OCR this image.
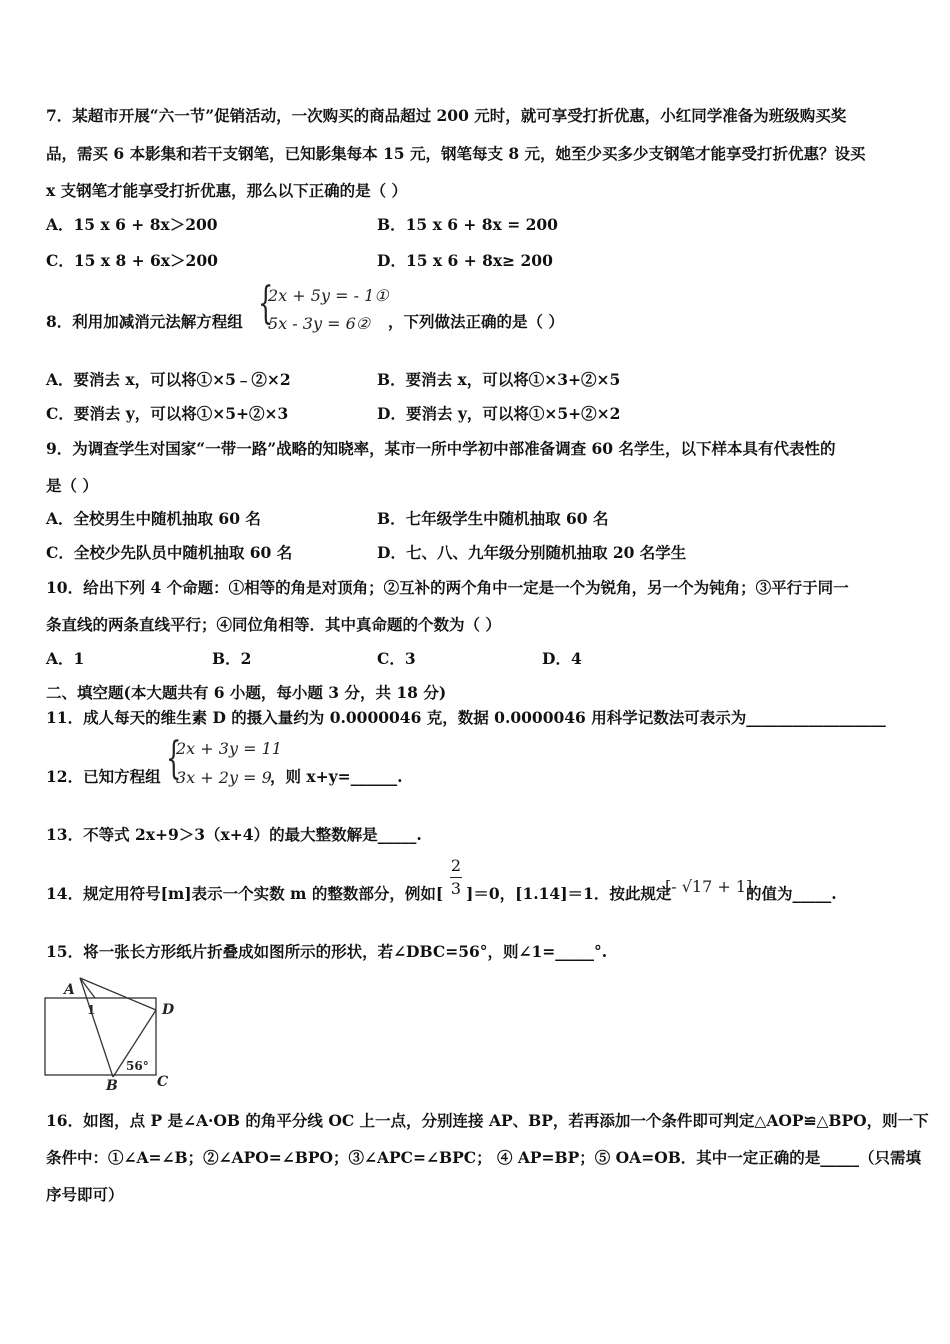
7．某超市开展“六一节”促销活动，一次购买的商品超过 200 元时，就可享受打折优惠，小红同学准备为班级购买奖
品，需买 6 本影集和若干支钢笔，已知影集每本 15 元，钢笔每支 8 元，她至少买多少支钢笔才能享受打折优惠？设买
x 支钢笔才能享受打折优惠，那么以下正确的是（ ）
A．15 x 6 + 8x＞200	B．15 x 6 + 8x = 200
C．15 x 8 + 6x＞200	D．15 x 6 + 8x≥ 200
8．利用加减消元法解方程组 {
2x + 5y = - 1①
5x - 3y = 6② ，下列做法正确的是（ ）
A．要消去 x，可以将①×5﹣②×2	B．要消去 x，可以将①×3+②×5
C．要消去 y，可以将①×5+②×3	D．要消去 y，可以将①×5+②×2
9．为调查学生对国家“一带一路”战略的知晓率，某市一所中学初中部准备调查 60 名学生，以下样本具有代表性的
是（ ）
A．全校男生中随机抽取 60 名	B．七年级学生中随机抽取 60 名
C．全校少先队员中随机抽取 60 名	D．七、八、九年级分别随机抽取 20 名学生
10．给出下列 4 个命题：①相等的角是对顶角；②互补的两个角中一定是一个为锐角，另一个为钝角；③平行于同一
条直线的两条直线平行；④同位角相等．其中真命题的个数为（ ）
A．1	B．2	C．3	D．4
二、填空题(本大题共有 6 小题，每小题 3 分，共 18 分)
11．成人每天的维生素 D 的摄入量约为 0.0000046 克，数据 0.0000046 用科学记数法可表示为__________________
12．已知方程组 {
2x + 3y = 11
3x + 2y = 9
，则 x+y=______.
13．不等式 2x+9＞3（x+4）的最大整数解是_____.
14．规定用符号[m]表示一个实数 m 的整数部分，例如[
2
3 ]＝0，[1.14]＝1．按此规定
[- √17 + 1]
的值为_____.
15．将一张长方形纸片折叠成如图所示的形状，若∠DBC=56°，则∠1=_____°.
A
1	D
56°
B	C
16．如图，点 P 是∠A·OB 的角平分线 OC 上一点，分别连接 AP、BP，若再添加一个条件即可判定△AOP≌△BPO，则一下
条件中：①∠A=∠B；②∠APO=∠BPO；③∠APC=∠BPC； ④ AP=BP；⑤ OA=OB．其中一定正确的是_____（只需填
序号即可）
